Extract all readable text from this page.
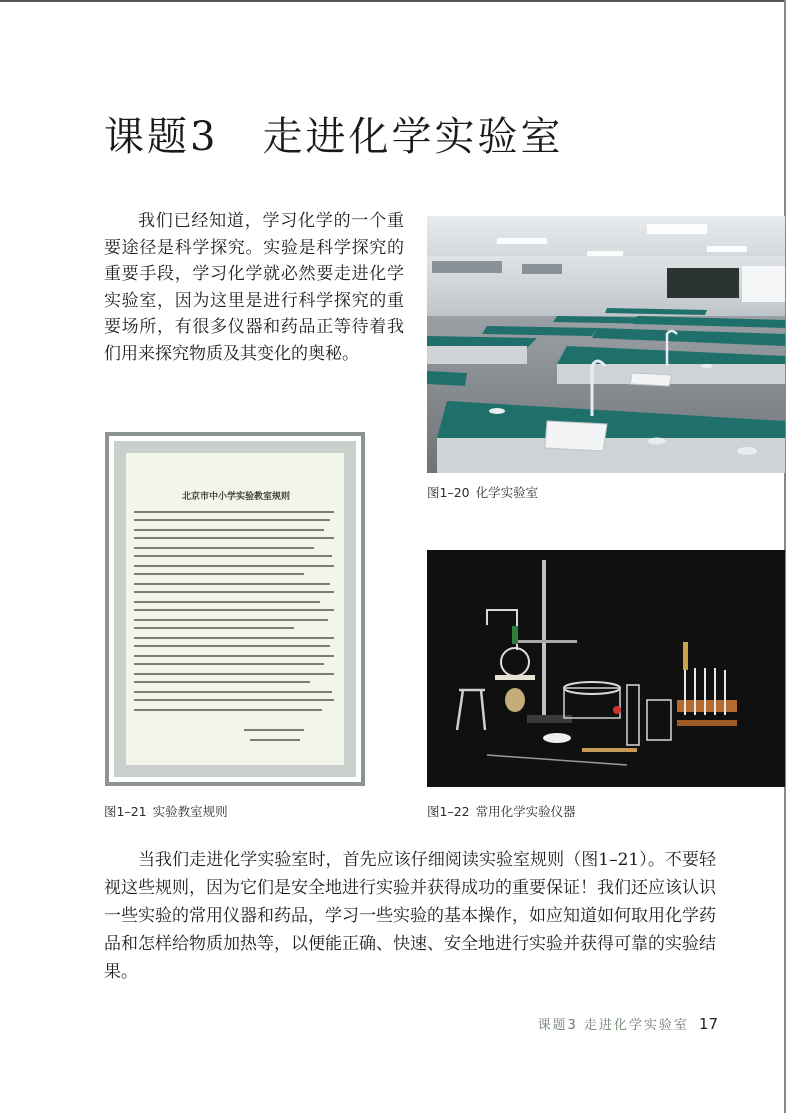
课题3 走进化学实验室

我们已经知道，学习化学的一个重要途径是科学探究。实验是科学探究的重要手段，学习化学就必然要走进化学实验室，因为这里是进行科学探究的重要场所，有很多仪器和药品正等待着我们用来探究物质及其变化的奥秘。

图1–20 化学实验室
北京市中小学实验教室规则
图1–21 实验教室规则	图1–22 常用化学实验仪器

当我们走进化学实验室时，首先应该仔细阅读实验室规则（图1–21）。不要轻视这些规则，因为它们是安全地进行实验并获得成功的重要保证！我们还应该认识一些实验的常用仪器和药品，学习一些实验的基本操作，如应知道如何取用化学药品和怎样给物质加热等，以便能正确、快速、安全地进行实验并获得可靠的实验结果。

课题3 走进化学实验室 17
